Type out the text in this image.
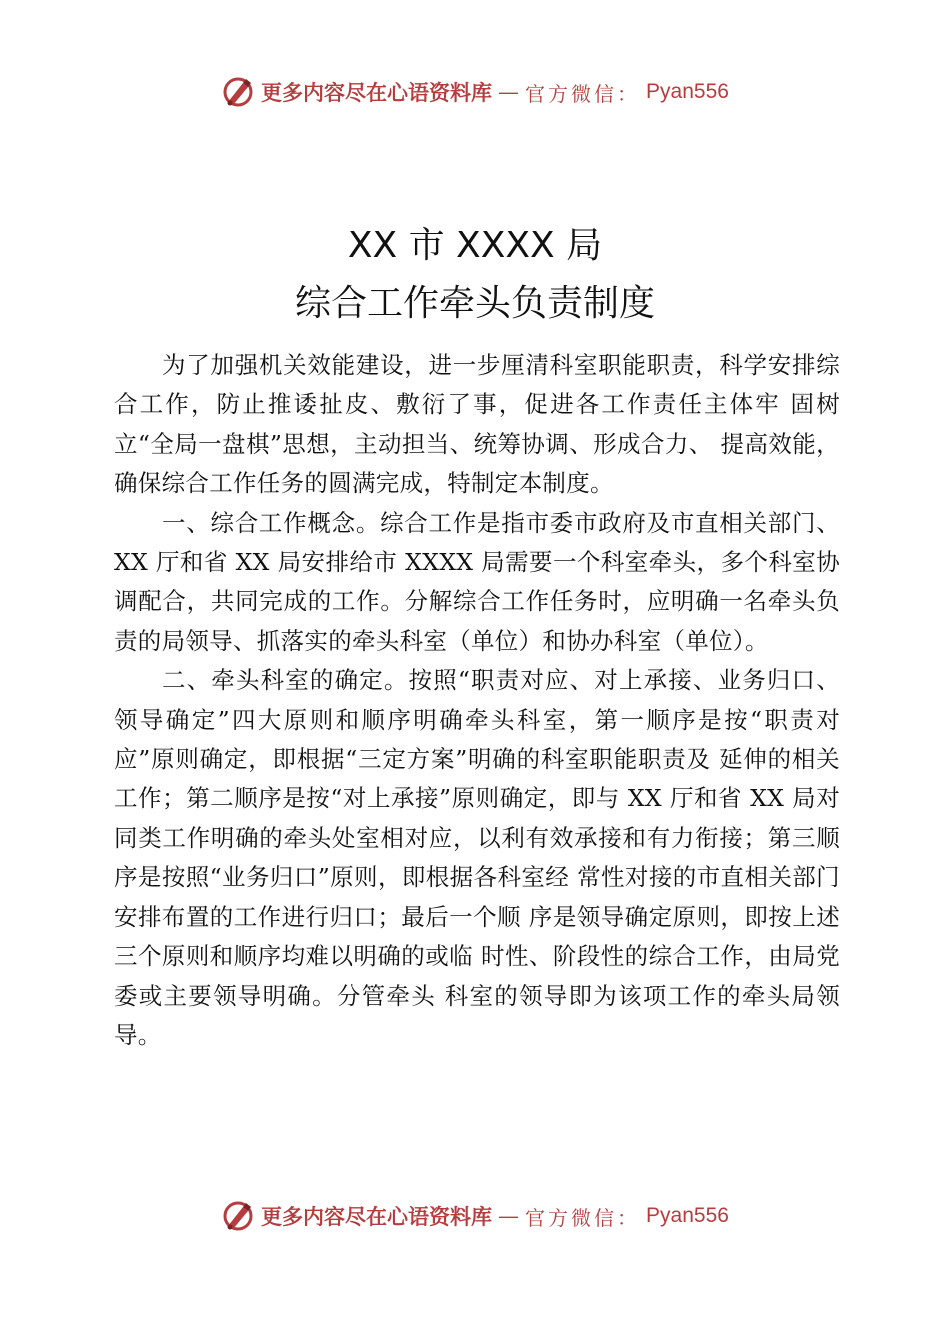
更多内容尽在心语资料库 — 官方微信： Pyan556
XX 市 XXXX 局
综合工作牵头负责制度

为了加强机关效能建设，进一步厘清科室职能职责，科学安排综合工作，防止推诿扯皮、敷衍了事，促进各工作责任主体牢 固树立“全局一盘棋”思想，主动担当、统筹协调、形成合力、 提高效能，确保综合工作任务的圆满完成，特制定本制度。

一、综合工作概念。综合工作是指市委市政府及市直相关部门、XX 厅和省 XX 局安排给市 XXXX 局需要一个科室牵头，多个科室协调配合，共同完成的工作。分解综合工作任务时，应明确一名牵头负责的局领导、抓落实的牵头科室（单位）和协办科室（单位）。

二、牵头科室的确定。按照“职责对应、对上承接、业务归口、领导确定”四大原则和顺序明确牵头科室，第一顺序是按“职责对应”原则确定，即根据“三定方案”明确的科室职能职责及 延伸的相关工作；第二顺序是按“对上承接”原则确定，即与 XX 厅和省 XX 局对同类工作明确的牵头处室相对应，以利有效承接和有力衔接；第三顺序是按照“业务归口”原则，即根据各科室经 常性对接的市直相关部门安排布置的工作进行归口；最后一个顺 序是领导确定原则，即按上述三个原则和顺序均难以明确的或临 时性、阶段性的综合工作，由局党委或主要领导明确。分管牵头 科室的领导即为该项工作的牵头局领导。

更多内容尽在心语资料库 — 官方微信： Pyan556
